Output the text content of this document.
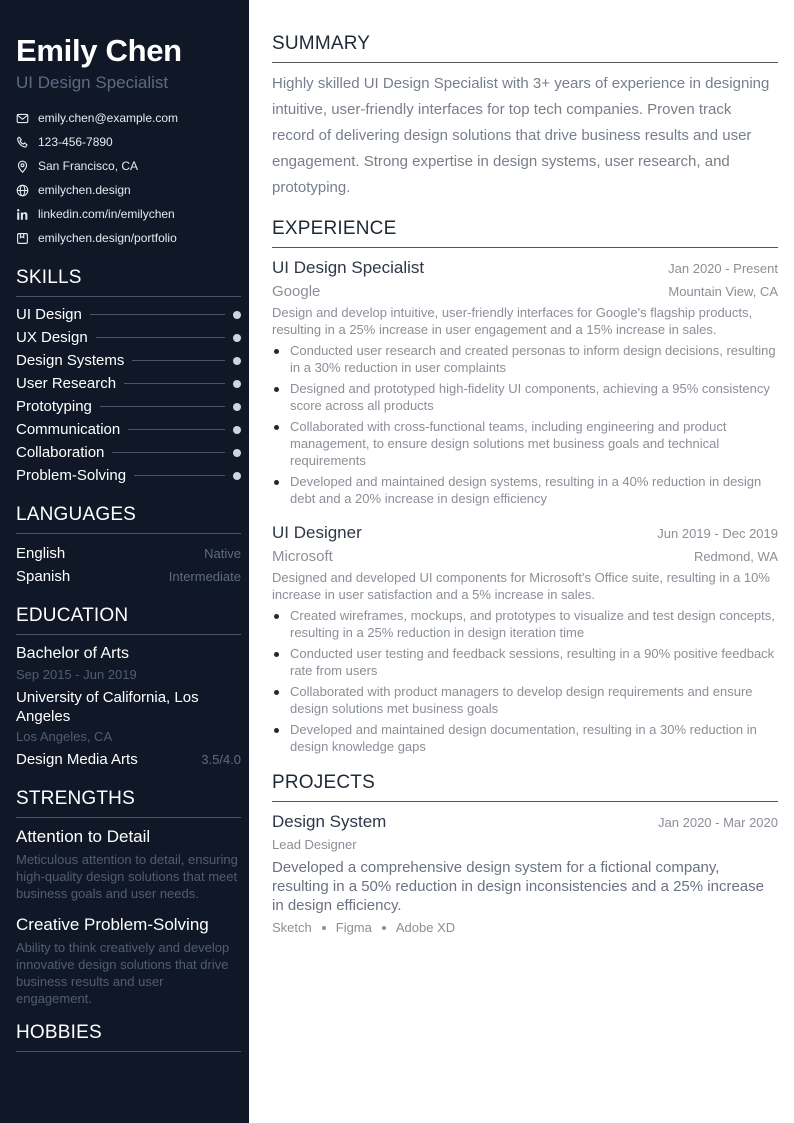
Emily Chen
UI Design Specialist
emily.chen@example.com
123-456-7890
San Francisco, CA
emilychen.design
linkedin.com/in/emilychen
emilychen.design/portfolio
SKILLS
UI Design
UX Design
Design Systems
User Research
Prototyping
Communication
Collaboration
Problem-Solving
LANGUAGES
English	Native
Spanish	Intermediate
EDUCATION
Bachelor of Arts
Sep 2015 - Jun 2019
University of California, Los Angeles
Los Angeles, CA
Design Media Arts	3.5/4.0
STRENGTHS
Attention to Detail
Meticulous attention to detail, ensuring high-quality design solutions that meet business goals and user needs.
Creative Problem-Solving
Ability to think creatively and develop innovative design solutions that drive business results and user engagement.
HOBBIES
SUMMARY
Highly skilled UI Design Specialist with 3+ years of experience in designing intuitive, user-friendly interfaces for top tech companies. Proven track record of delivering design solutions that drive business results and user engagement. Strong expertise in design systems, user research, and prototyping.
EXPERIENCE
UI Design Specialist	Jan 2020 - Present
Google	Mountain View, CA
Design and develop intuitive, user-friendly interfaces for Google's flagship products, resulting in a 25% increase in user engagement and a 15% increase in sales.
Conducted user research and created personas to inform design decisions, resulting in a 30% reduction in user complaints
Designed and prototyped high-fidelity UI components, achieving a 95% consistency score across all products
Collaborated with cross-functional teams, including engineering and product management, to ensure design solutions met business goals and technical requirements
Developed and maintained design systems, resulting in a 40% reduction in design debt and a 20% increase in design efficiency
UI Designer	Jun 2019 - Dec 2019
Microsoft	Redmond, WA
Designed and developed UI components for Microsoft's Office suite, resulting in a 10% increase in user satisfaction and a 5% increase in sales.
Created wireframes, mockups, and prototypes to visualize and test design concepts, resulting in a 25% reduction in design iteration time
Conducted user testing and feedback sessions, resulting in a 90% positive feedback rate from users
Collaborated with product managers to develop design requirements and ensure design solutions met business goals
Developed and maintained design documentation, resulting in a 30% reduction in design knowledge gaps
PROJECTS
Design System	Jan 2020 - Mar 2020
Lead Designer
Developed a comprehensive design system for a fictional company, resulting in a 50% reduction in design inconsistencies and a 25% increase in design efficiency.
Sketch Figma Adobe XD
